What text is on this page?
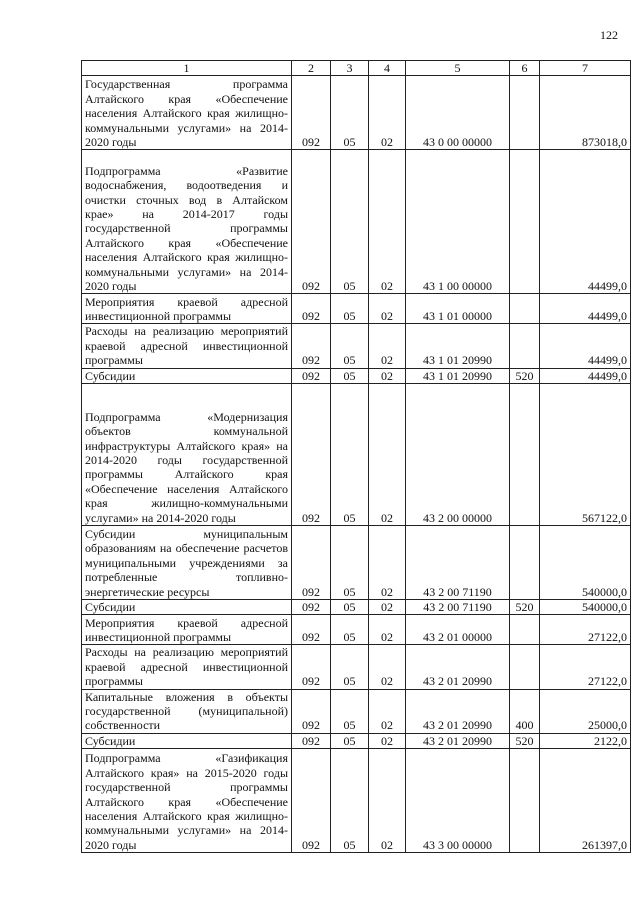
122
1	2	3	4	5	6	7
Государственная программа Алтайского края «Обеспечение населения Алтайского края жилищно-коммунальными услугами» на 2014-2020 годы	092	05	02	43 0 00 00000		873018,0
Подпрограмма «Развитие водоснабжения, водоотведения и очистки сточных вод в Алтайском крае» на 2014-2017 годы государственной программы Алтайского края «Обеспечение населения Алтайского края жилищно-коммунальными услугами» на 2014-2020 годы	092	05	02	43 1 00 00000		44499,0
Мероприятия краевой адресной инвестиционной программы	092	05	02	43 1 01 00000		44499,0
Расходы на реализацию мероприятий краевой адресной инвестиционной программы	092	05	02	43 1 01 20990		44499,0
Субсидии	092	05	02	43 1 01 20990	520	44499,0
Подпрограмма «Модернизация объектов коммунальной инфраструктуры Алтайского края» на 2014-2020 годы государственной программы Алтайского края «Обеспечение населения Алтайского края жилищно-коммунальными услугами» на 2014-2020 годы	092	05	02	43 2 00 00000		567122,0
Субсидии муниципальным образованиям на обеспечение расчетов муниципальными учреждениями за потребленные топливно-энергетические ресурсы	092	05	02	43 2 00 71190		540000,0
Субсидии	092	05	02	43 2 00 71190	520	540000,0
Мероприятия краевой адресной инвестиционной программы	092	05	02	43 2 01 00000		27122,0
Расходы на реализацию мероприятий краевой адресной инвестиционной программы	092	05	02	43 2 01 20990		27122,0
Капитальные вложения в объекты государственной (муниципальной) собственности	092	05	02	43 2 01 20990	400	25000,0
Субсидии	092	05	02	43 2 01 20990	520	2122,0
Подпрограмма «Газификация Алтайского края» на 2015-2020 годы государственной программы Алтайского края «Обеспечение населения Алтайского края жилищно-коммунальными услугами» на 2014-2020 годы	092	05	02	43 3 00 00000		261397,0
